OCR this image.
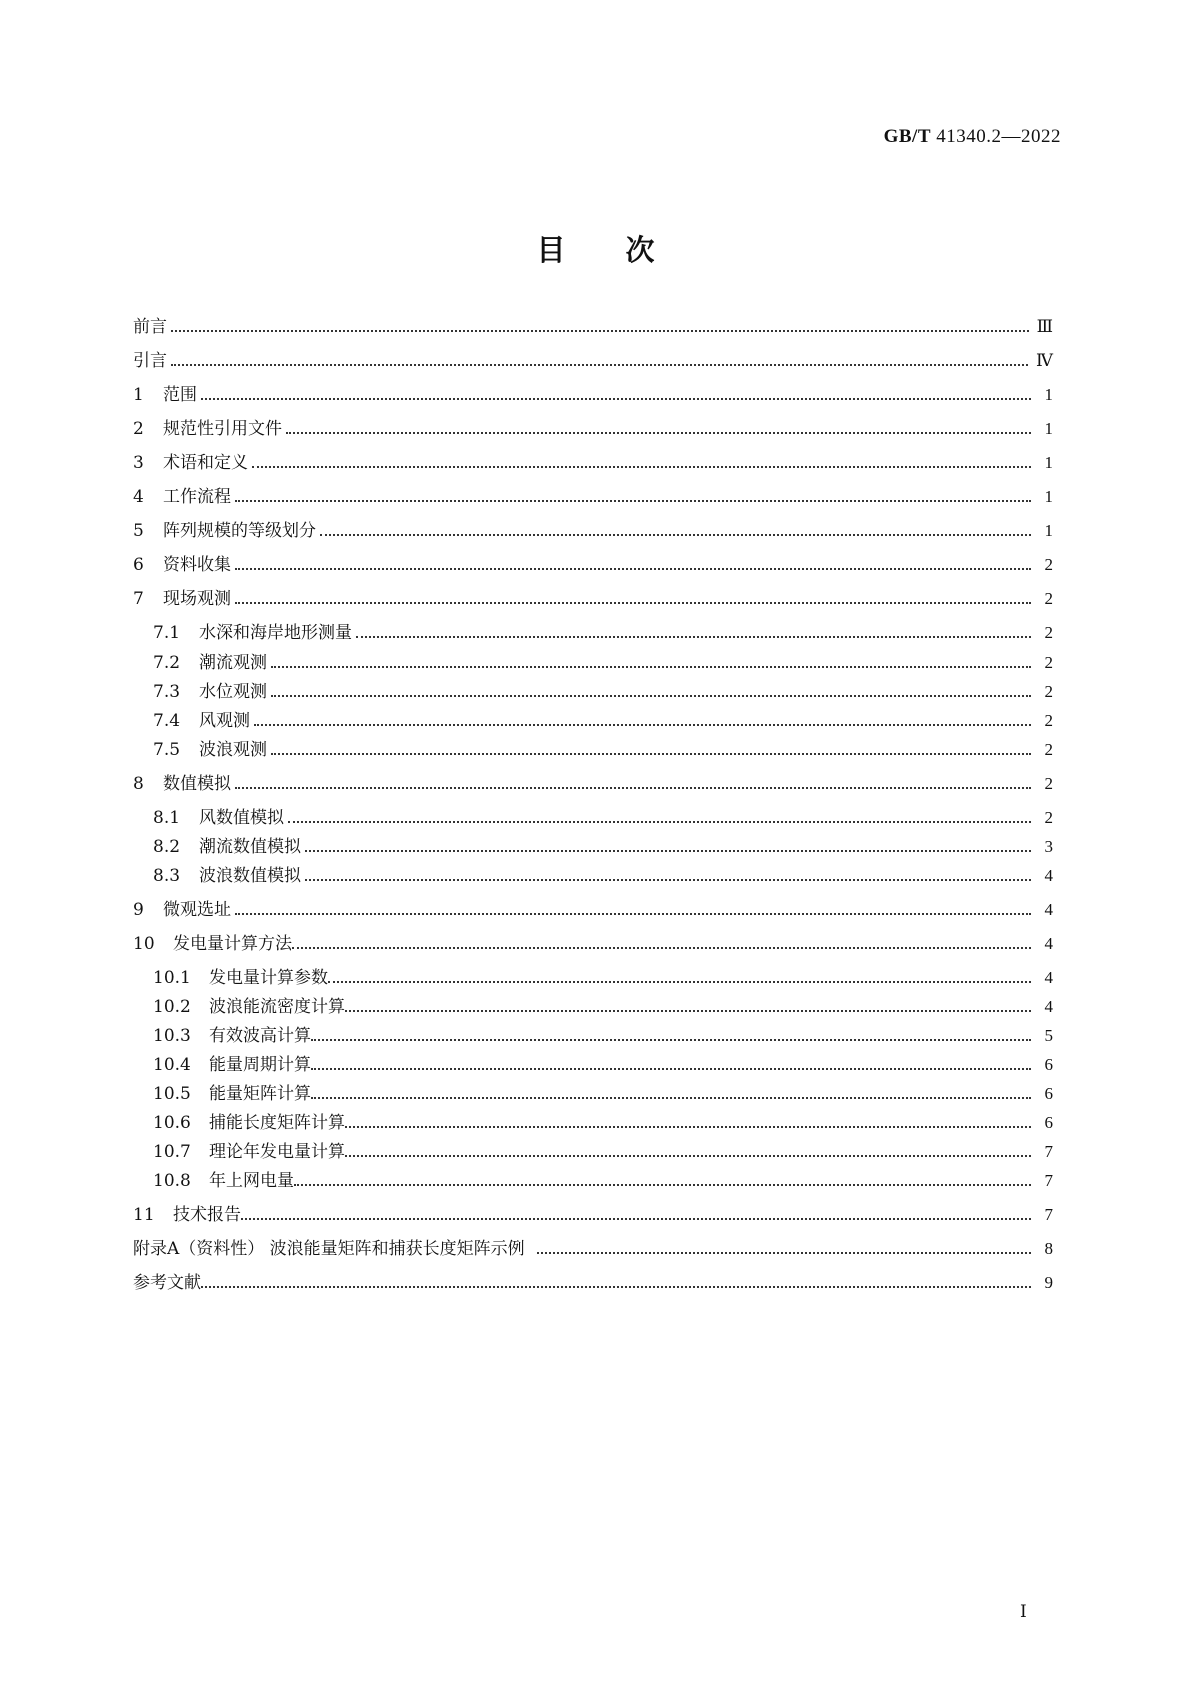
GB/T 41340.2—2022
目 次
前言	Ⅲ
引言	Ⅳ
1	范围	1
2	规范性引用文件	1
3	术语和定义	1
4	工作流程	1
5	阵列规模的等级划分	1
6	资料收集	2
7	现场观测	2
7.1	水深和海岸地形测量	2
7.2	潮流观测	2
7.3	水位观测	2
7.4	风观测	2
7.5	波浪观测	2
8	数值模拟	2
8.1	风数值模拟	2
8.2	潮流数值模拟	3
8.3	波浪数值模拟	4
9	微观选址	4
10	发电量计算方法	4
10.1	发电量计算参数	4
10.2	波浪能流密度计算	4
10.3	有效波高计算	5
10.4	能量周期计算	6
10.5	能量矩阵计算	6
10.6	捕能长度矩阵计算	6
10.7	理论年发电量计算	7
10.8	年上网电量	7
11	技术报告	7
附录A（资料性） 波浪能量矩阵和捕获长度矩阵示例	8
参考文献	9
Ⅰ
